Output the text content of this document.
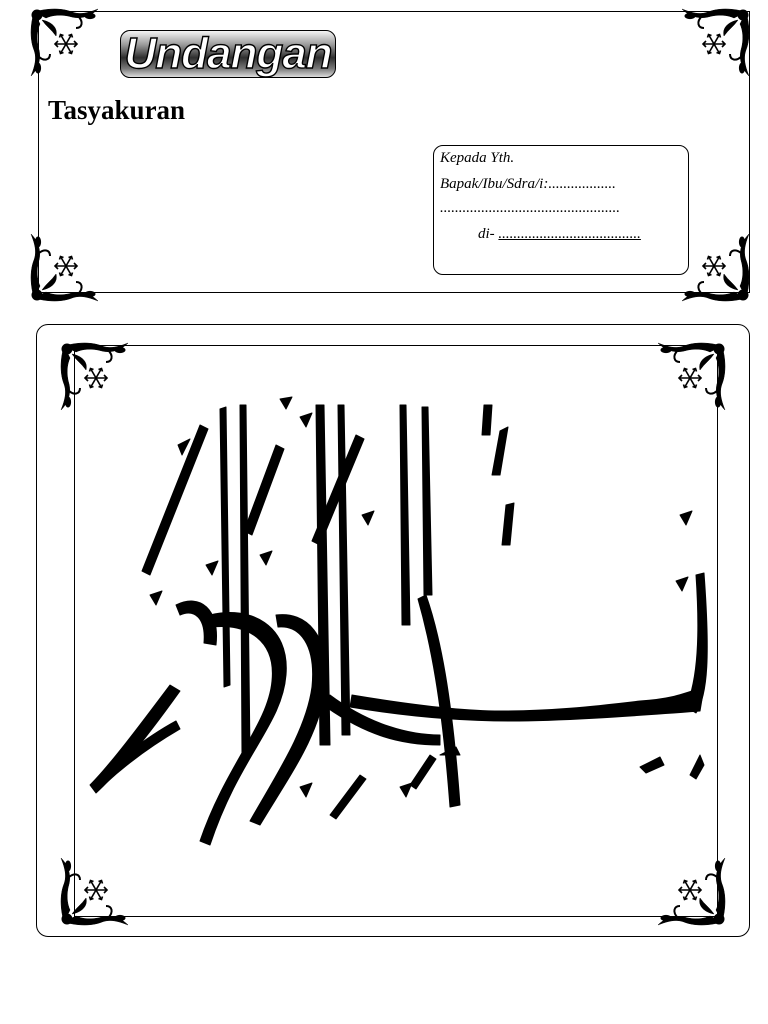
Undangan
Tasyakuran
Kepada Yth.
Bapak/Ibu/Sdra/i:..................
................................................
di- ......................................
